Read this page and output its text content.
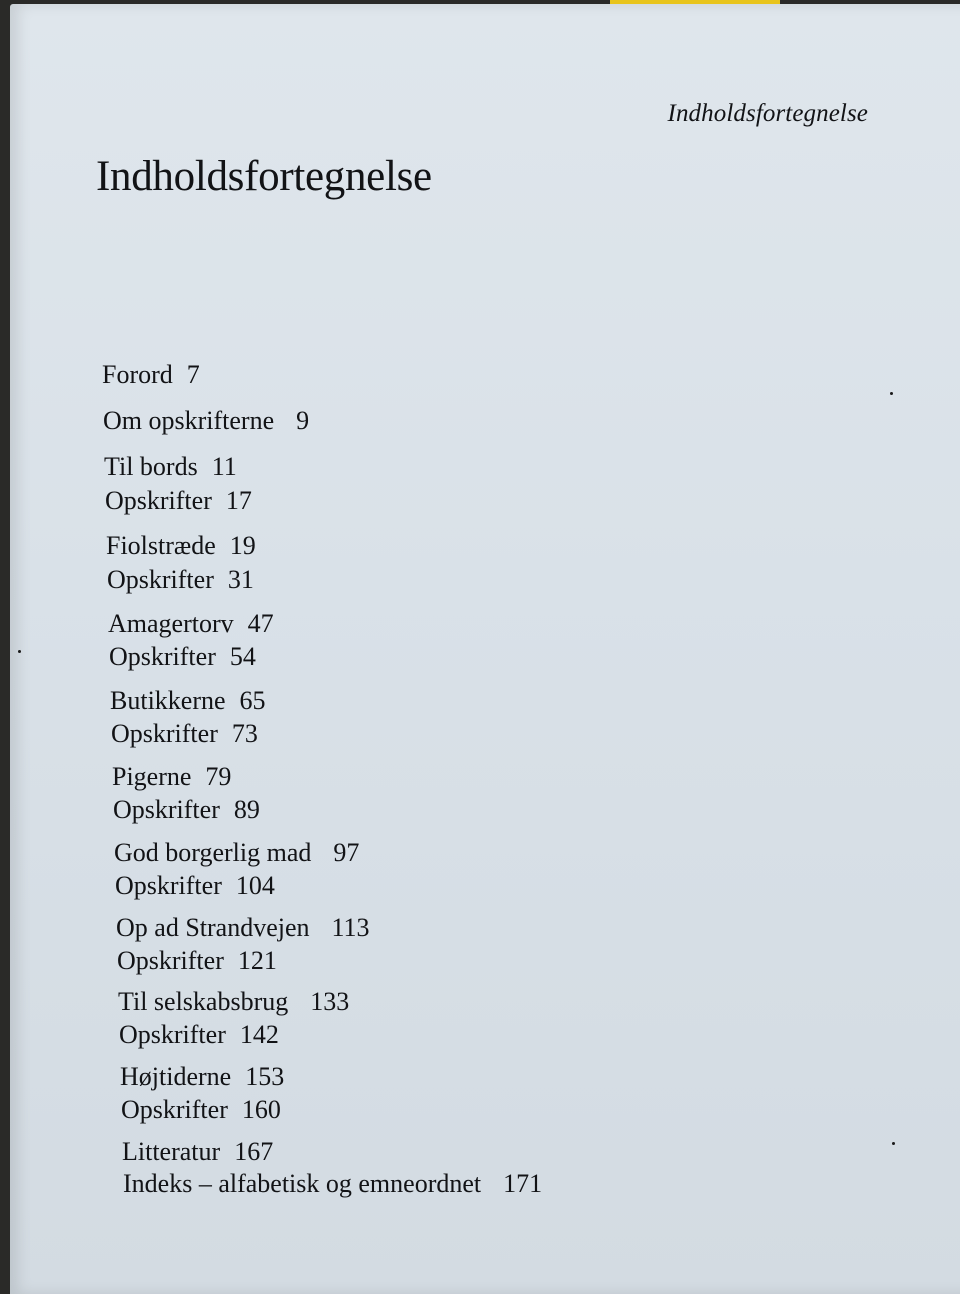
Indholdsfortegnelse
Indholdsfortegnelse
Forord 7
Om opskrifterne 9
Til bords 11
Opskrifter 17
Fiolstræde 19
Opskrifter 31
Amagertorv 47
Opskrifter 54
Butikkerne 65
Opskrifter 73
Pigerne 79
Opskrifter 89
God borgerlig mad 97
Opskrifter 104
Op ad Strandvejen 113
Opskrifter 121
Til selskabsbrug 133
Opskrifter 142
Højtiderne 153
Opskrifter 160
Litteratur 167
Indeks – alfabetisk og emneordnet 171
